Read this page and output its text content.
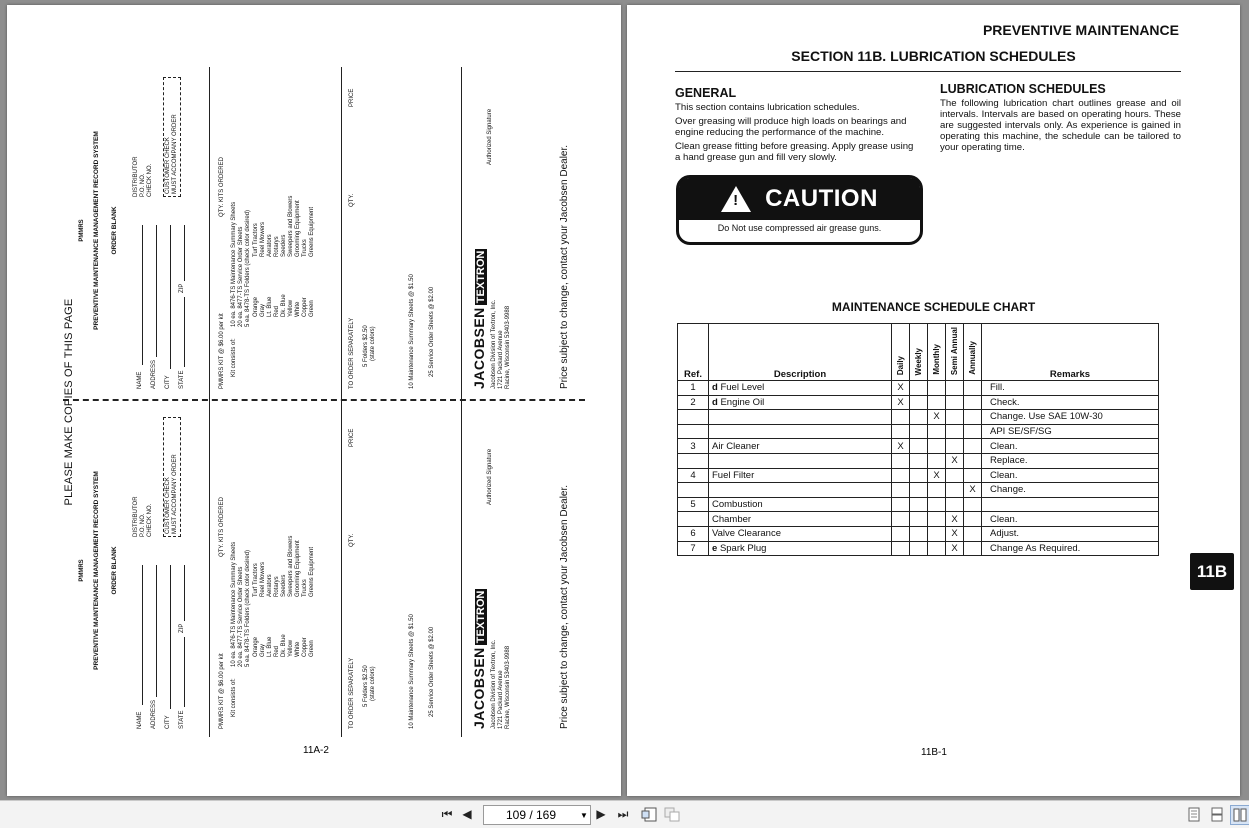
PLEASE MAKE COPIES OF THIS PAGE
PMMRS PREVENTIVE MAINTENANCE MANAGEMENT RECORD SYSTEM ORDER BLANK
NAME ADDRESS CITY STATE
ZIP
DISTRIBUTOR P.O. NO. CHECK NO. CUSTOMER CHECK MUST ACCOMPANY ORDER
PMMRS KIT @ $6.00 per kit
QTY. KITS ORDERED
Kit consists of:
10 ea. 8476-TS Maintenance Summary Sheets 20 ea. 8477-TS Service Order Sheets 5 ea. 8478-TS Folders (check color desired) Orange Gray Lt. Blue Red Dk. Blue Yellow White Copper Green
Turf Tractors Reel Mowers Aerators Rotarys Seeders Sweepers and Blowers Grooming Equipment Trucks Greens Equipment
TO ORDER SEPARATELY
QTY.
PRICE
5 Folders $2.50 (state colors)	10 Maintenance Summary Sheets @ $1.50 25 Service Order Sheets @ $2.00	JACOBSENTEXTRON
Jacobsen Division of Textron, Inc. 1721 Packard Avenue Racine, Wisconsin 53403-9988
Authorized Signature
Price subject to change, contact your Jacobsen Dealer.
PMMRS PREVENTIVE MAINTENANCE MANAGEMENT RECORD SYSTEM ORDER BLANK
NAME ADDRESS CITY STATE
ZIP
DISTRIBUTOR P.O. NO. CHECK NO. CUSTOMER CHECK MUST ACCOMPANY ORDER
PMMRS KIT @ $6.00 per kit
QTY. KITS ORDERED
Kit consists of:
10 ea. 8476-TS Maintenance Summary Sheets 20 ea. 8477-TS Service Order Sheets 5 ea. 8478-TS Folders (check color desired) Orange Gray Lt. Blue Red Dk. Blue Yellow White Copper Green
Turf Tractors Reel Mowers Aerators Rotarys Seeders Sweepers and Blowers Grooming Equipment Trucks Greens Equipment
TO ORDER SEPARATELY
QTY.
PRICE
5 Folders $2.50 (state colors)	10 Maintenance Summary Sheets @ $1.50 25 Service Order Sheets @ $2.00	JACOBSENTEXTRON
Jacobsen Division of Textron, Inc. 1721 Packard Avenue Racine, Wisconsin 53403-9988
Authorized Signature
Price subject to change, contact your Jacobsen Dealer.
11A-2
PREVENTIVE MAINTENANCE
SECTION 11B. LUBRICATION SCHEDULES
GENERAL

This section contains lubrication schedules.

Over greasing will produce high loads on bearings and engine reducing the performance of the machine.

Clean grease fitting before greasing. Apply grease using a hand grease gun and fill very slowly.

LUBRICATION SCHEDULES
The following lubrication chart outlines grease and oil intervals. Intervals are based on operating hours. These are suggested intervals only. As experience is gained in operating this machine, the schedule can be tailored to your operating time.
! CAUTION
Do Not use compressed air grease guns.
MAINTENANCE SCHEDULE CHART
Ref.	Description	Daily	Weekly	Monthly	Semi Annual	Annually	Remarks
1	d Fuel Level	X					Fill.
2	d Engine Oil	X					Check.
				X			Change. Use SAE 10W-30
							API SE/SF/SG
3	Air Cleaner	X					Clean.
					X		Replace.
4	Fuel Filter			X			Clean.
						X	Change.
5	Combustion						
	Chamber				X		Clean.
6	Valve Clearance				X		Adjust.
7	e Spark Plug				X		Change As Required.
11B-1
11B
⏮ ◀	109 / 169	▼ ▶ ⏭
